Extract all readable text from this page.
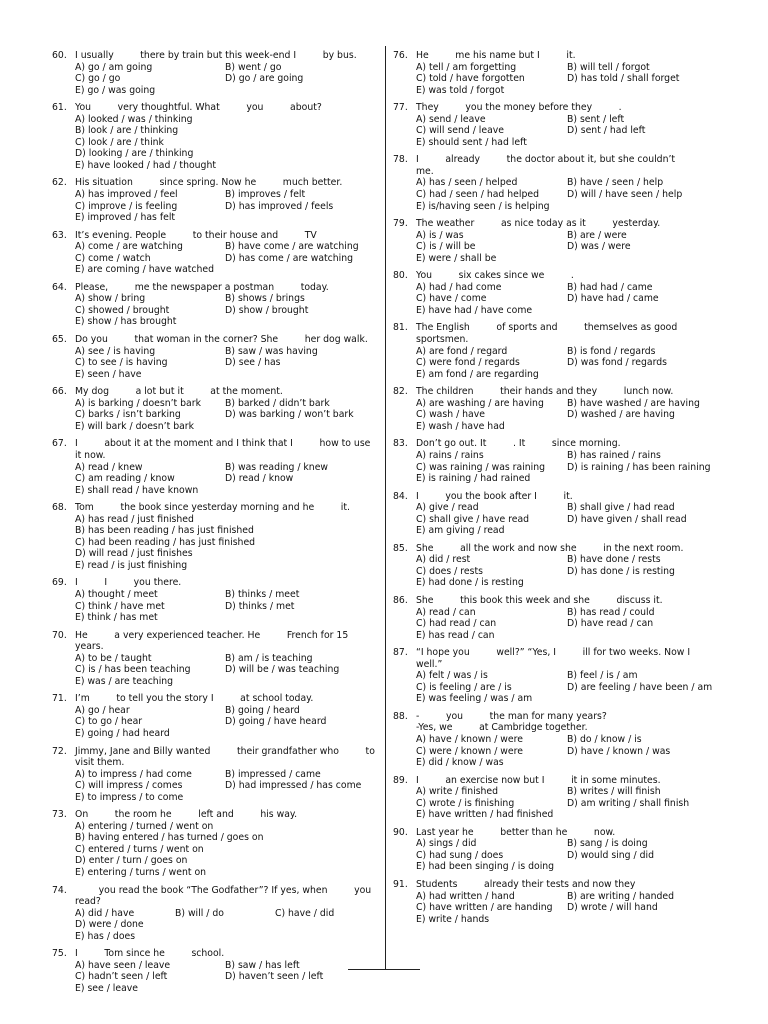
60. I usually         there by train but this week-end I         by bus.
A) go / am going	B) went / go
C) go / go	D) go / are going
E) go / was going
61. You         very thoughtful. What         you         about?
A) looked / was / thinking
B) look / are / thinking
C) look / are / think
D) looking / are / thinking
E) have looked / had / thought
62. His situation         since spring. Now he         much better.
A) has improved / feel	B) improves / felt
C) improve / is feeling	D) has improved / feels
E) improved / has felt
63. It’s evening. People         to their house and         TV
A) come / are watching	B) have come / are watching
C) come / watch	D) has come / are watching
E) are coming / have watched
64. Please,         me the newspaper a postman         today.
A) show / bring	B) shows / brings
C) showed / brought	D) show / brought
E) show / has brought
65. Do you         that woman in the corner? She         her dog walk.
A) see / is having	B) saw / was having
C) to see / is having	D) see / has
E) seen / have
66. My dog         a lot but it         at the moment.
A) is barking / doesn’t bark	B) barked / didn’t bark
C) barks / isn’t barking	D) was barking / won’t bark
E) will bark / doesn’t bark
67. I         about it at the moment and I think that I         how to use it now.
A) read / knew	B) was reading / knew
C) am reading / know	D) read / know
E) shall read / have known
68. Tom         the book since yesterday morning and he         it.
A) has read / just finished
B) has been reading / has just finished
C) had been reading / has just finished
D) will read / just finishes
E) read / is just finishing
69. I         I         you there.
A) thought / meet	B) thinks / meet
C) think / have met	D) thinks / met
E) think / has met
70. He         a very experienced teacher. He         French for 15 years.
A) to be / taught	B) am / is teaching
C) is / has been teaching	D) will be / was teaching
E) was / are teaching
71. I’m         to tell you the story I         at school today.
A) go / hear	B) going / heard
C) to go / hear	D) going / have heard
E) going / had heard
72. Jimmy, Jane and Billy wanted         their grandfather who         to visit them.
A) to impress / had come	B) impressed / came
C) will impress / comes	D) had impressed / has come
E) to impress / to come
73. On         the room he         left and         his way.
A) entering / turned / went on
B) having entered / has turned / goes on
C) entered / turns / went on
D) enter / turn / goes on
E) entering / turns / went on
74. you read the book “The Godfather”? If yes, when         you read?
A) did / have	B) will / do	C) have / did
D) were / done
E) has / does
75. I         Tom since he         school.
A) have seen / leave	B) saw / has left
C) hadn’t seen / left	D) haven’t seen / left
E) see / leave
76. He         me his name but I         it.
A) tell / am forgetting	B) will tell / forgot
C) told / have forgotten	D) has told / shall forget
E) was told / forgot
77. They         you the money before they         .
A) send / leave	B) sent / left
C) will send / leave	D) sent / had left
E) should sent / had left
78. I         already         the doctor about it, but she couldn’t         me.
A) has / seen / helped	B) have / seen / help
C) had / seen / had helped	D) will / have seen / help
E) is/having seen / is helping
79. The weather         as nice today as it         yesterday.
A) is / was	B) are / were
C) is / will be	D) was / were
E) were / shall be
80. You         six cakes since we         .
A) had / had come	B) had had / came
C) have / come	D) have had / came
E) have had / have come
81. The English         of sports and         themselves as good sportsmen.
A) are fond / regard	B) is fond / regards
C) were fond / regards	D) was fond / regards
E) am fond / are regarding
82. The children         their hands and they         lunch now.
A) are washing / are having	B) have washed / are having
C) wash / have	D) washed / are having
E) wash / have had
83. Don’t go out. It         . It         since morning.
A) rains / rains	B) has rained / rains
C) was raining / was raining	D) is raining / has been raining
E) is raining / had rained
84. I         you the book after I         it.
A) give / read	B) shall give / had read
C) shall give / have read	D) have given / shall read
E) am giving / read
85. She         all the work and now she         in the next room.
A) did / rest	B) have done / rests
C) does / rests	D) has done / is resting
E) had done / is resting
86. She         this book this week and she         discuss it.
A) read / can	B) has read / could
C) had read / can	D) have read / can
E) has read / can
87. “I hope you         well?” “Yes, I         ill for two weeks. Now I         well.”
A) felt / was / is	B) feel / is / am
C) is feeling / are / is	D) are feeling / have been / am
E) was feeling / was / am
88. -         you         the man for many years?
-Yes, we         at Cambridge together.
A) have / known / were	B) do / know / is
C) were / known / were	D) have / known / was
E) did / know / was
89. I         an exercise now but I         it in some minutes.
A) write / finished	B) writes / will finish
C) wrote / is finishing	D) am writing / shall finish
E) have written / had finished
90. Last year he         better than he         now.
A) sings / did	B) sang / is doing
C) had sung / does	D) would sing / did
E) had been singing / is doing
91. Students         already their tests and now they
A) had written / hand	B) are writing / handed
C) have written / are handing	D) wrote / will hand
E) write / hands
